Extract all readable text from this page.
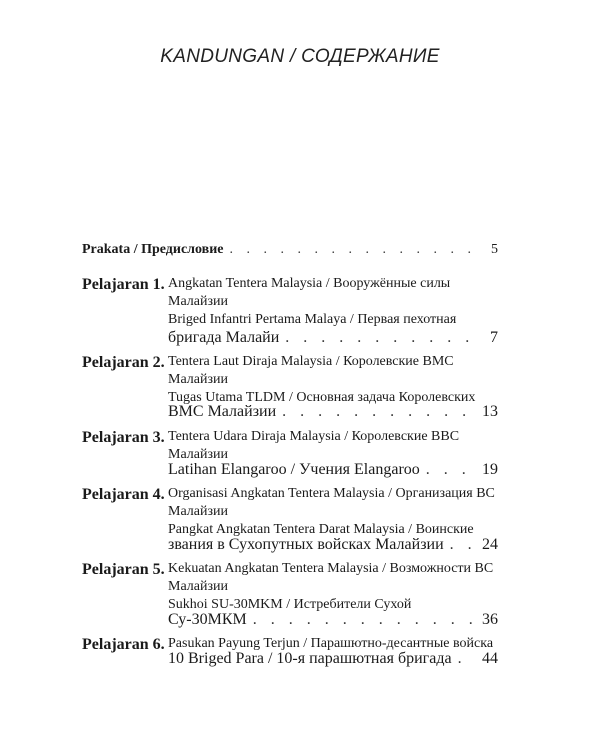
KANDUNGAN / СОДЕРЖАНИЕ
Prakata / Предисловие . . .	5
Pelajaran 1. Angkatan Tentera Malaysia / Вооружённые силы
Малайзии
Briged Infantri Pertama Malaya / Первая пехотная
бригада Малайи . . .	7
Pelajaran 2. Tentera Laut Diraja Malaysia / Королевские ВМС
Малайзии
Tugas Utama TLDM / Основная задача Королевских
ВМС Малайзии . . .	13
Pelajaran 3. Tentera Udara Diraja Malaysia / Королевские ВВС
Малайзии
Latihan Elangaroo / Учения Elangaroo . . .	19
Pelajaran 4. Organisasi Angkatan Tentera Malaysia / Организация ВС
Малайзии
Pangkat Angkatan Tentera Darat Malaysia / Воинские
звания в Сухопутных войсках Малайзии . . . 24
Pelajaran 5. Kekuatan Angkatan Tentera Malaysia / Возможности ВС
Малайзии
Sukhoi SU-30MKM / Истребители Сухой
Су-30МКМ . . .	36
Pelajaran 6. Pasukan Payung Terjun / Парашютно-десантные войска
10 Briged Para / 10-я парашютная бригада . . . 44
